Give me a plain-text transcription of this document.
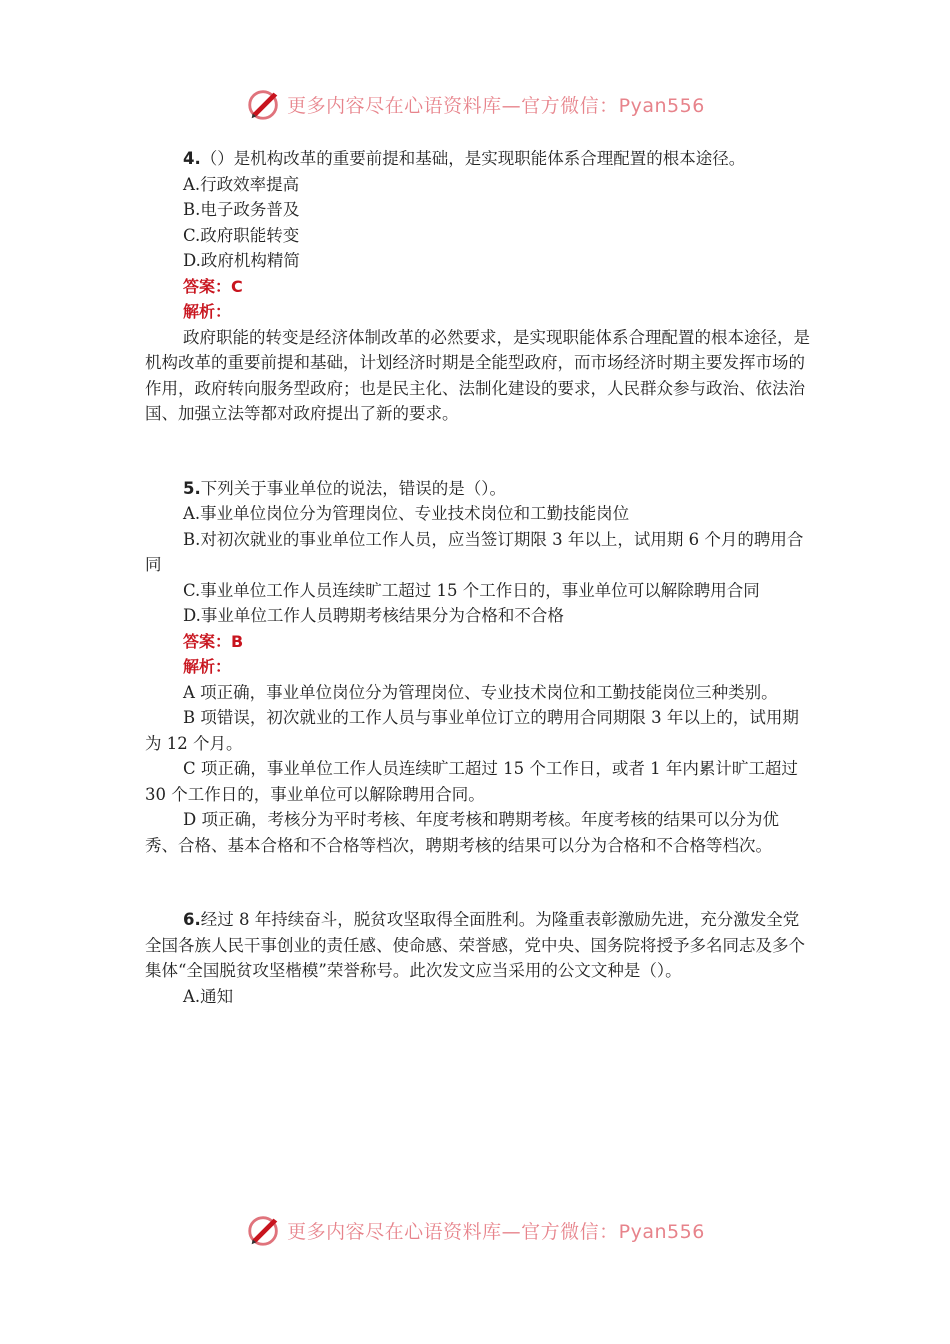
更多内容尽在心语资料库—官方微信：Pyan556

4.（）是机构改革的重要前提和基础，是实现职能体系合理配置的根本途径。

A.行政效率提高

B.电子政务普及

C.政府职能转变

D.政府机构精简

答案：C

解析：

政府职能的转变是经济体制改革的必然要求，是实现职能体系合理配置的根本途径，是机构改革的重要前提和基础，计划经济时期是全能型政府，而市场经济时期主要发挥市场的作用，政府转向服务型政府；也是民主化、法制化建设的要求，人民群众参与政治、依法治国、加强立法等都对政府提出了新的要求。

5.下列关于事业单位的说法，错误的是（）。

A.事业单位岗位分为管理岗位、专业技术岗位和工勤技能岗位

B.对初次就业的事业单位工作人员，应当签订期限 3 年以上，试用期 6 个月的聘用合同

C.事业单位工作人员连续旷工超过 15 个工作日的，事业单位可以解除聘用合同

D.事业单位工作人员聘期考核结果分为合格和不合格

答案：B

解析：

A 项正确，事业单位岗位分为管理岗位、专业技术岗位和工勤技能岗位三种类别。

B 项错误，初次就业的工作人员与事业单位订立的聘用合同期限 3 年以上的，试用期为 12 个月。

C 项正确，事业单位工作人员连续旷工超过 15 个工作日，或者 1 年内累计旷工超过 30 个工作日的，事业单位可以解除聘用合同。

D 项正确，考核分为平时考核、年度考核和聘期考核。年度考核的结果可以分为优秀、合格、基本合格和不合格等档次，聘期考核的结果可以分为合格和不合格等档次。

6.经过 8 年持续奋斗，脱贫攻坚取得全面胜利。为隆重表彰激励先进，充分激发全党全国各族人民干事创业的责任感、使命感、荣誉感，党中央、国务院将授予多名同志及多个集体“全国脱贫攻坚楷模”荣誉称号。此次发文应当采用的公文文种是（）。

A.通知

更多内容尽在心语资料库—官方微信：Pyan556
